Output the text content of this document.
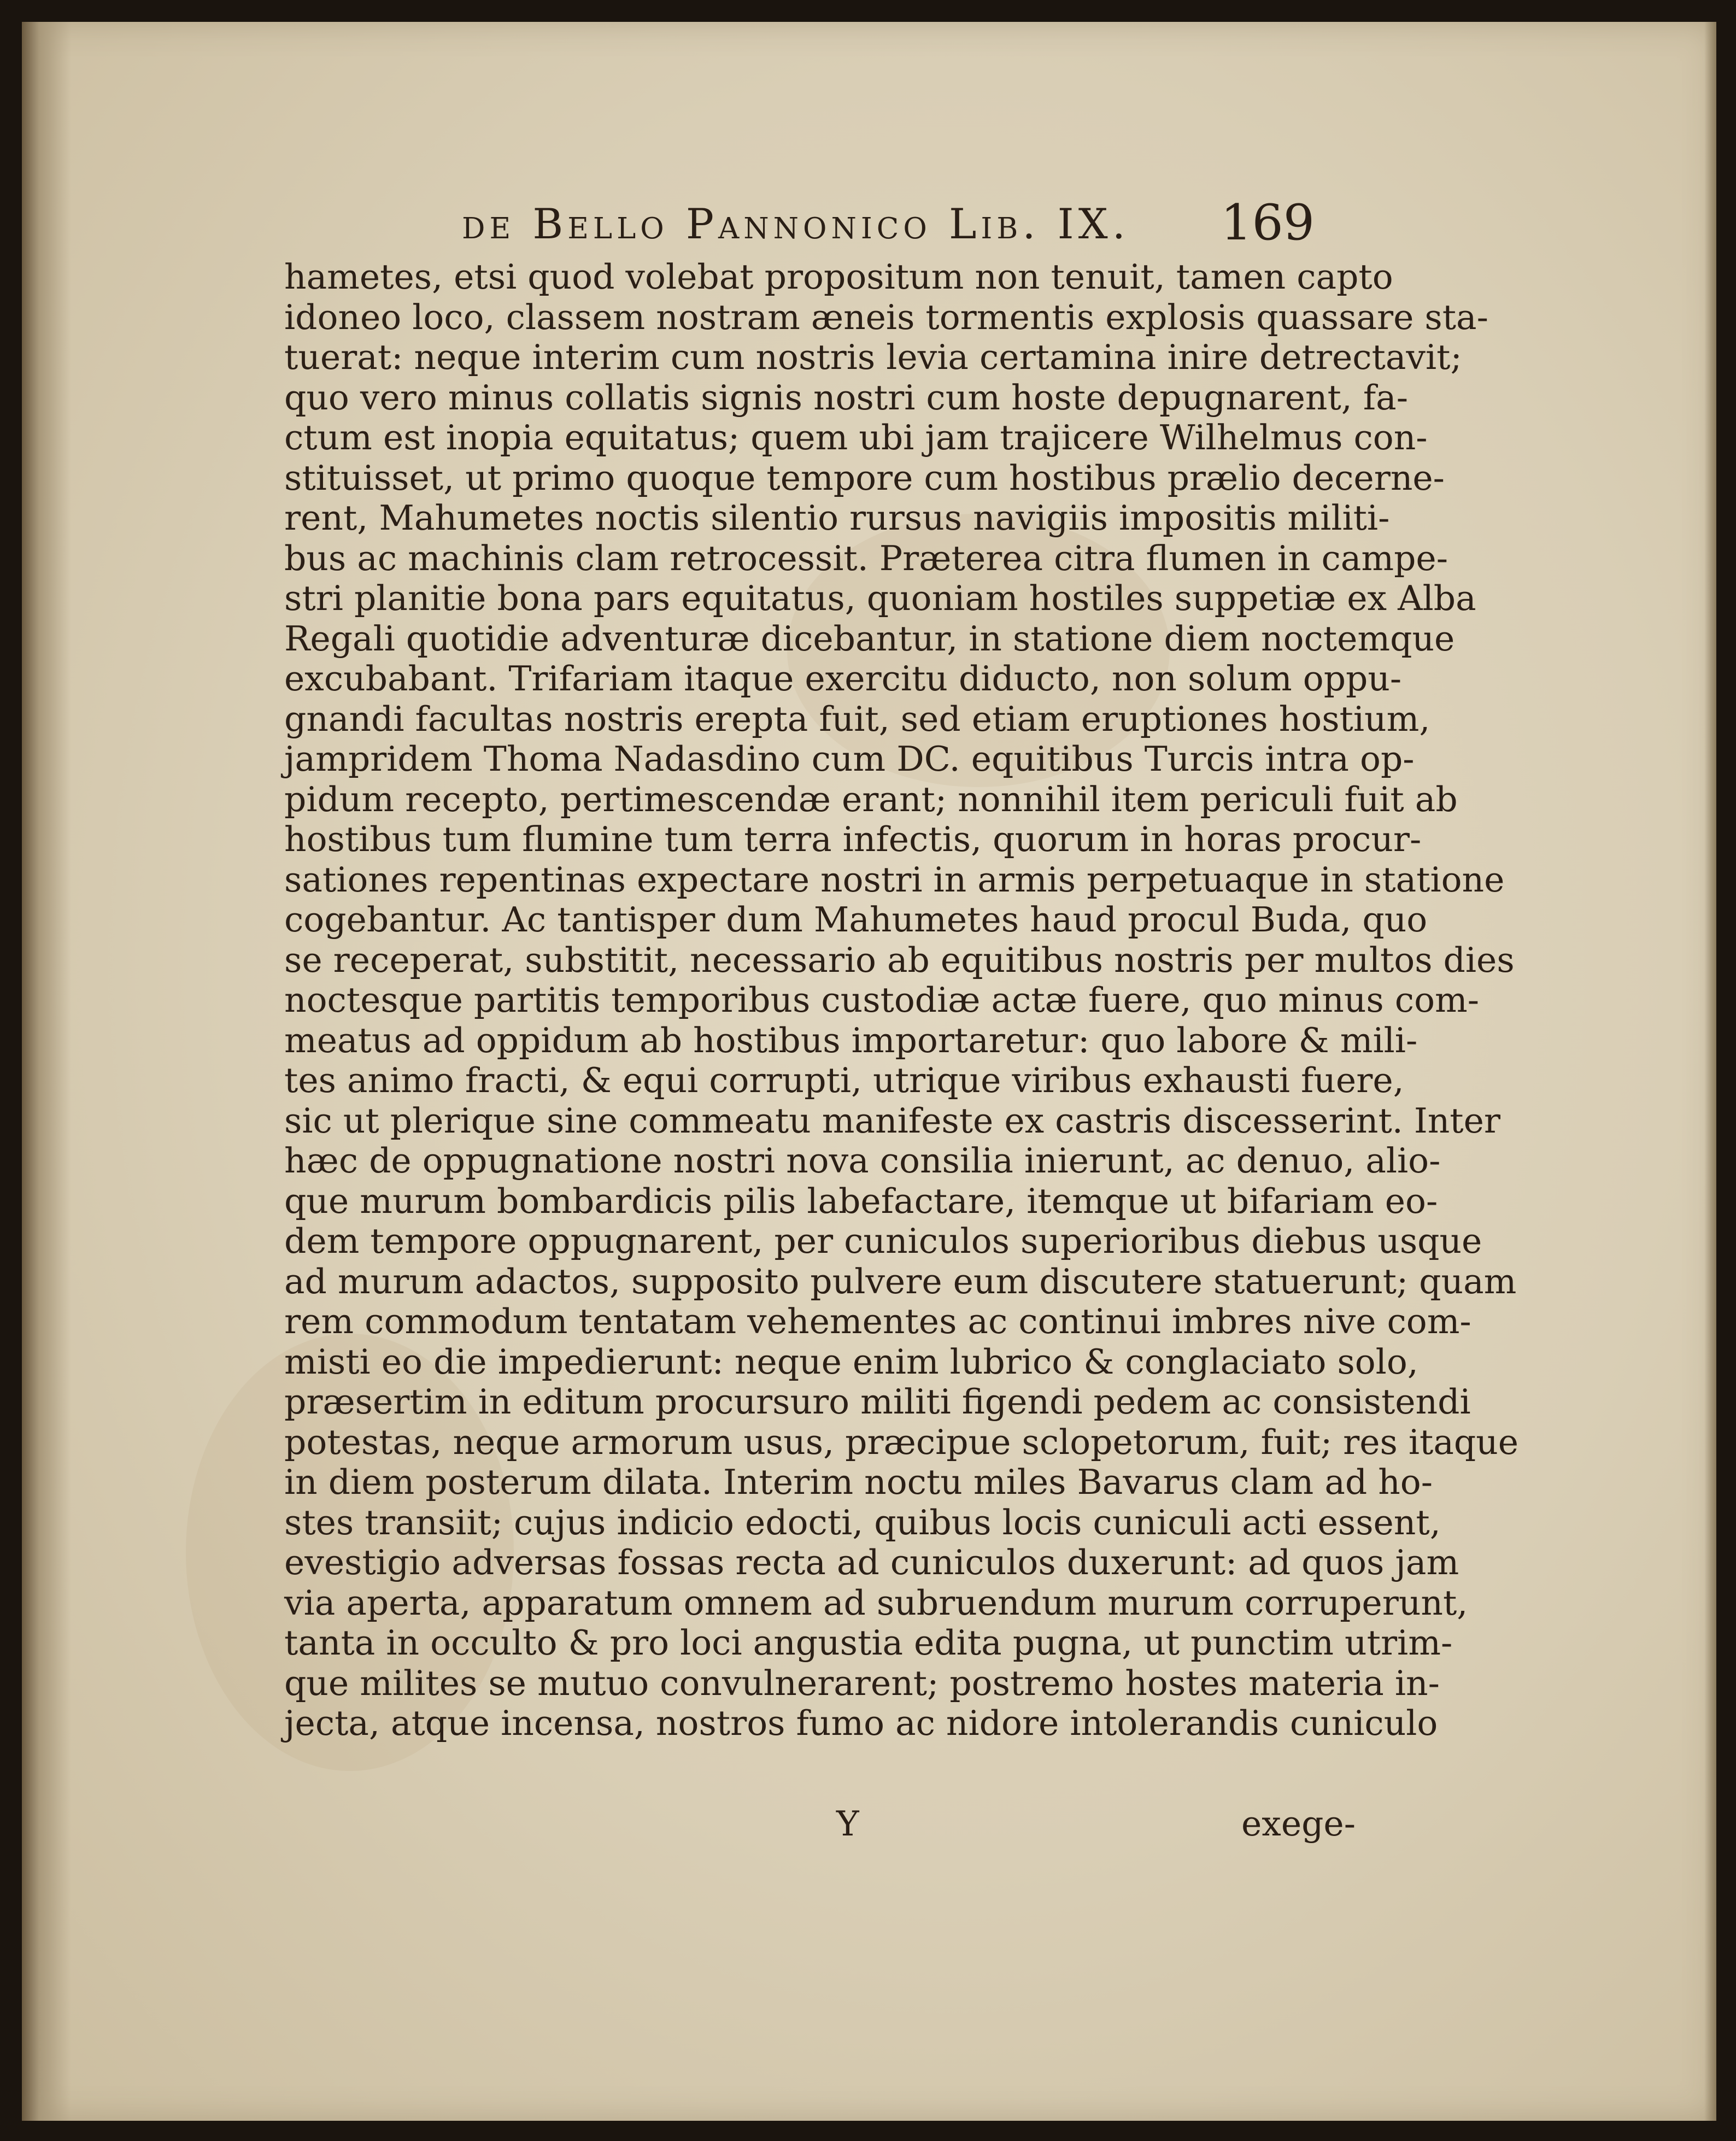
de Bello Pannonico Lib. IX. 169
hametes, etsi quod volebat propositum non tenuit, tamen capto
idoneo loco, classem nostram æneis tormentis explosis quassare sta-
tuerat: neque interim cum nostris levia certamina inire detrectavit;
quo vero minus collatis signis nostri cum hoste depugnarent, fa-
ctum est inopia equitatus; quem ubi jam trajicere Wilhelmus con-
stituisset, ut primo quoque tempore cum hostibus prælio decerne-
rent, Mahumetes noctis silentio rursus navigiis impositis militi-
bus ac machinis clam retrocessit. Præterea citra flumen in campe-
stri planitie bona pars equitatus, quoniam hostiles suppetiæ ex Alba
Regali quotidie adventuræ dicebantur, in statione diem noctemque
excubabant. Trifariam itaque exercitu diducto, non solum oppu-
gnandi facultas nostris erepta fuit, sed etiam eruptiones hostium,
jampridem Thoma Nadasdino cum DC. equitibus Turcis intra op-
pidum recepto, pertimescendæ erant; nonnihil item periculi fuit ab
hostibus tum flumine tum terra infectis, quorum in horas procur-
sationes repentinas expectare nostri in armis perpetuaque in statione
cogebantur. Ac tantisper dum Mahumetes haud procul Buda, quo
se receperat, substitit, necessario ab equitibus nostris per multos dies
noctesque partitis temporibus custodiæ actæ fuere, quo minus com-
meatus ad oppidum ab hostibus importaretur: quo labore & mili-
tes animo fracti, & equi corrupti, utrique viribus exhausti fuere,
sic ut plerique sine commeatu manifeste ex castris discesserint. Inter
hæc de oppugnatione nostri nova consilia inierunt, ac denuo, alio-
que murum bombardicis pilis labefactare, itemque ut bifariam eo-
dem tempore oppugnarent, per cuniculos superioribus diebus usque
ad murum adactos, supposito pulvere eum discutere statuerunt; quam
rem commodum tentatam vehementes ac continui imbres nive com-
misti eo die impedierunt: neque enim lubrico & conglaciato solo,
præsertim in editum procursuro militi figendi pedem ac consistendi
potestas, neque armorum usus, præcipue sclopetorum, fuit; res itaque
in diem posterum dilata. Interim noctu miles Bavarus clam ad ho-
stes transiit; cujus indicio edocti, quibus locis cuniculi acti essent,
evestigio adversas fossas recta ad cuniculos duxerunt: ad quos jam
via aperta, apparatum omnem ad subruendum murum corruperunt,
tanta in occulto & pro loci angustia edita pugna, ut punctim utrim-
que milites se mutuo convulnerarent; postremo hostes materia in-
jecta, atque incensa, nostros fumo ac nidore intolerandis cuniculo
Y	exege-
